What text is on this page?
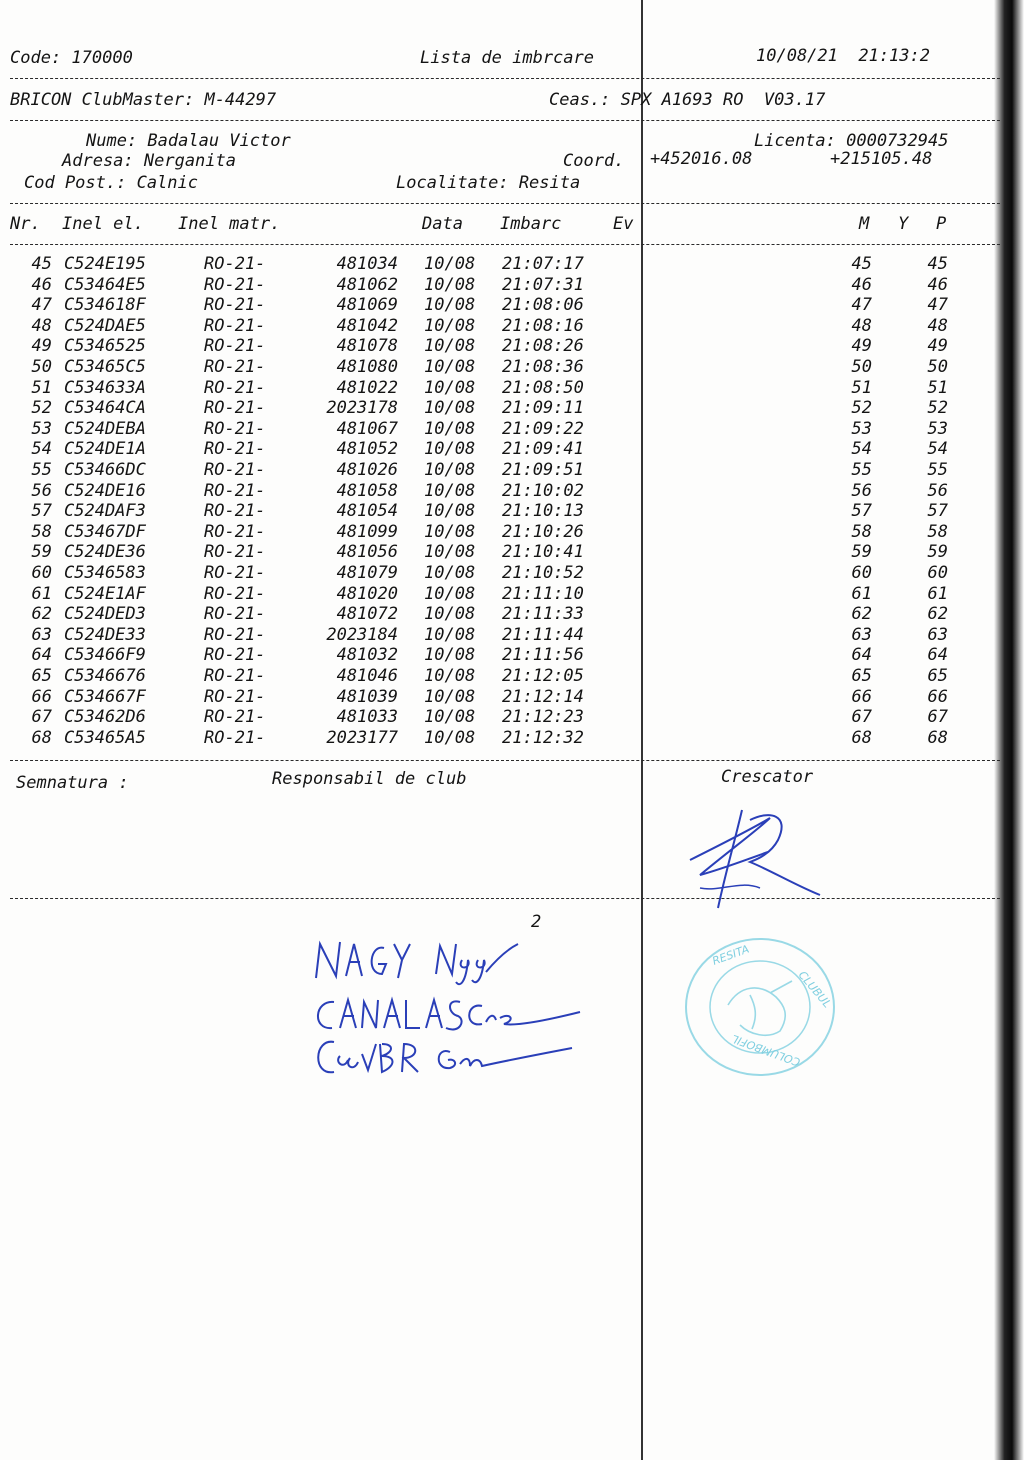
Code: 170000	Lista de imbrcare	10/08/21  21:13:2
BRICON ClubMaster: M-44297	Ceas.: SPX A1693 RO  V03.17
Nume: Badalau Victor	Licenta: 0000732945
Adresa: Nerganita	Coord. +452016.08	+215105.48
Cod Post.: Calnic	Localitate: Resita
Nr. Inel el. Inel matr.	Data Imbarc	Ev	M Y P
45 C524E195	RO-21-	481034 10/08 21:07:17	45	45
46 C53464E5	RO-21-	481062 10/08 21:07:31	46	46
47 C534618F	RO-21-	481069 10/08 21:08:06	47	47
48 C524DAE5	RO-21-	481042 10/08 21:08:16	48	48
49 C5346525	RO-21-	481078 10/08 21:08:26	49	49
50 C53465C5	RO-21-	481080 10/08 21:08:36	50	50
51 C534633A	RO-21-	481022 10/08 21:08:50	51	51
52 C53464CA	RO-21-	2023178 10/08 21:09:11	52	52
53 C524DEBA	RO-21-	481067 10/08 21:09:22	53	53
54 C524DE1A	RO-21-	481052 10/08 21:09:41	54	54
55 C53466DC	RO-21-	481026 10/08 21:09:51	55	55
56 C524DE16	RO-21-	481058 10/08 21:10:02	56	56
57 C524DAF3	RO-21-	481054 10/08 21:10:13	57	57
58 C53467DF	RO-21-	481099 10/08 21:10:26	58	58
59 C524DE36	RO-21-	481056 10/08 21:10:41	59	59
60 C5346583	RO-21-	481079 10/08 21:10:52	60	60
61 C524E1AF	RO-21-	481020 10/08 21:11:10	61	61
62 C524DED3	RO-21-	481072 10/08 21:11:33	62	62
63 C524DE33	RO-21-	2023184 10/08 21:11:44	63	63
64 C53466F9	RO-21-	481032 10/08 21:11:56	64	64
65 C5346676	RO-21-	481046 10/08 21:12:05	65	65
66 C534667F	RO-21-	481039 10/08 21:12:14	66	66
67 C53462D6	RO-21-	481033 10/08 21:12:23	67	67
68 C53465A5	RO-21-	2023177 10/08 21:12:32	68	68
Semnatura :	Responsabil de club	Crescator
2
RESITA
CLUBUL
COLUMBOFIL
